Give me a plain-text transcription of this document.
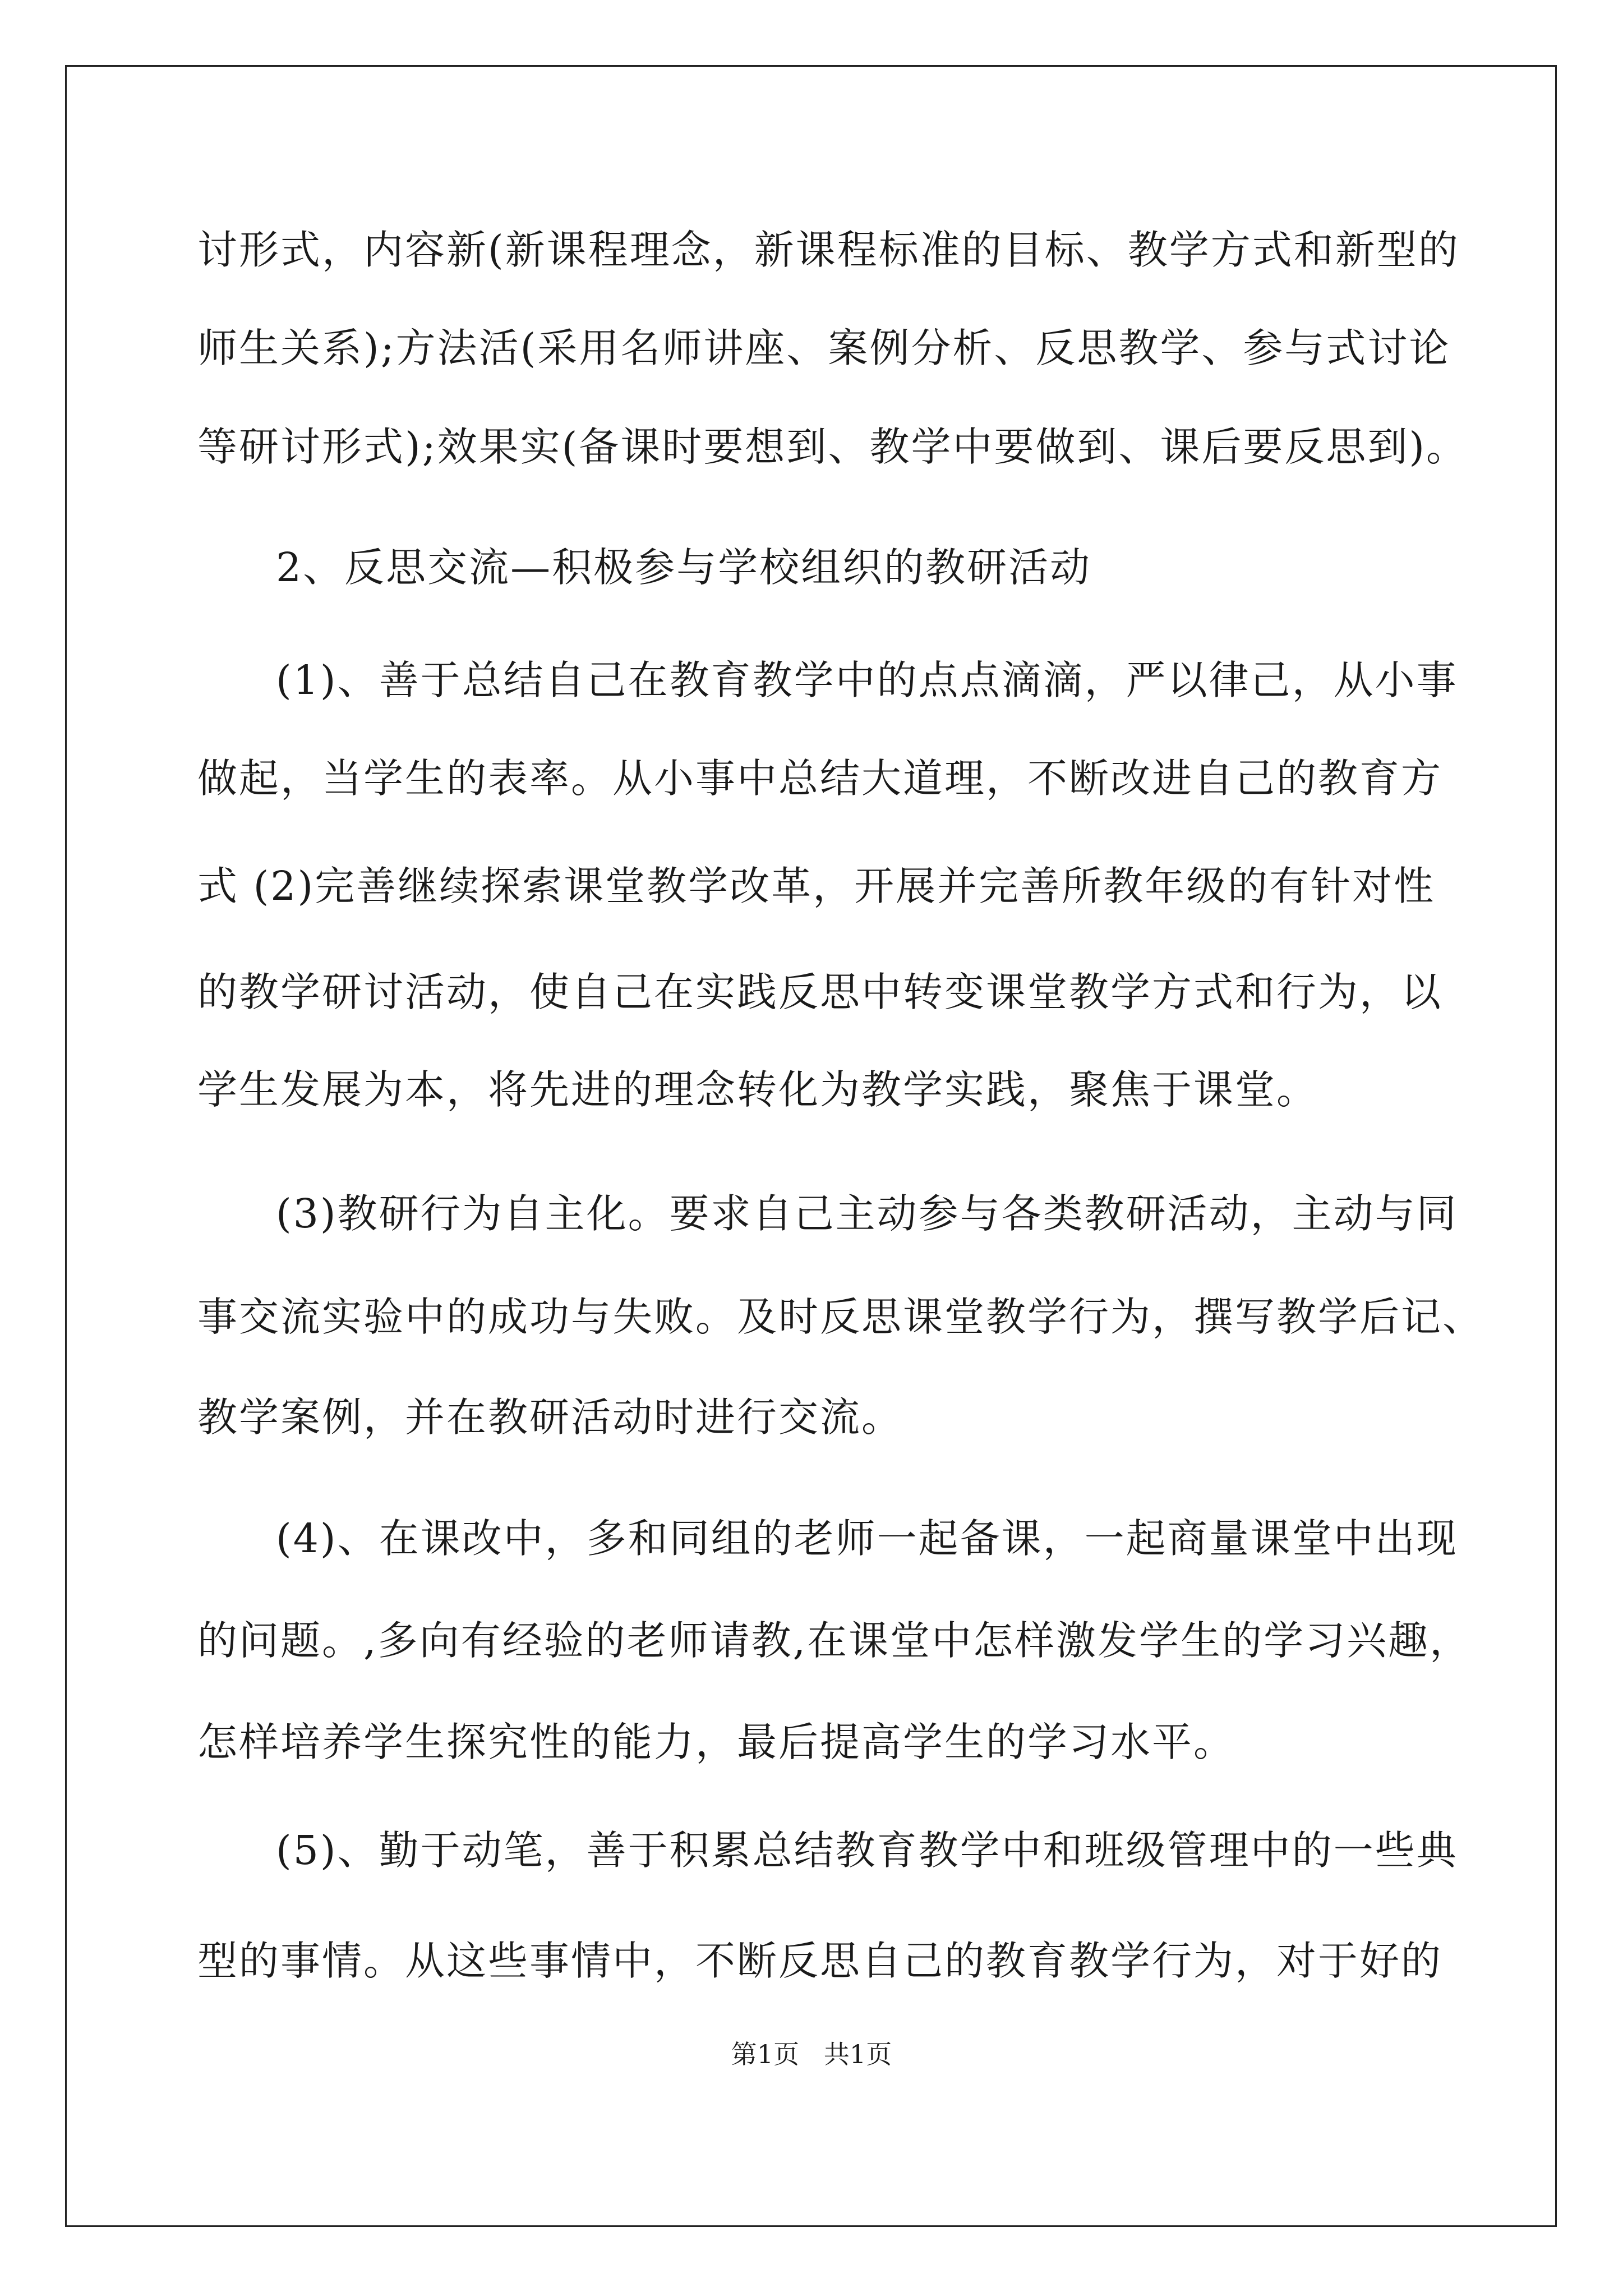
讨形式，内容新(新课程理念，新课程标准的目标、教学方式和新型的
师生关系);方法活(采用名师讲座、案例分析、反思教学、参与式讨论
等研讨形式);效果实(备课时要想到、教学中要做到、课后要反思到)。
2、反思交流—积极参与学校组织的教研活动
(1)、善于总结自己在教育教学中的点点滴滴，严以律己，从小事
做起，当学生的表率。从小事中总结大道理，不断改进自己的教育方
式 (2)完善继续探索课堂教学改革，开展并完善所教年级的有针对性
的教学研讨活动，使自己在实践反思中转变课堂教学方式和行为，以
学生发展为本，将先进的理念转化为教学实践，聚焦于课堂。
(3)教研行为自主化。要求自己主动参与各类教研活动，主动与同
事交流实验中的成功与失败。及时反思课堂教学行为，撰写教学后记、
教学案例，并在教研活动时进行交流。
(4)、在课改中，多和同组的老师一起备课，一起商量课堂中出现
的问题。,多向有经验的老师请教,在课堂中怎样激发学生的学习兴趣，
怎样培养学生探究性的能力，最后提高学生的学习水平。
(5)、勤于动笔，善于积累总结教育教学中和班级管理中的一些典
型的事情。从这些事情中，不断反思自己的教育教学行为，对于好的
第1页   共1页
